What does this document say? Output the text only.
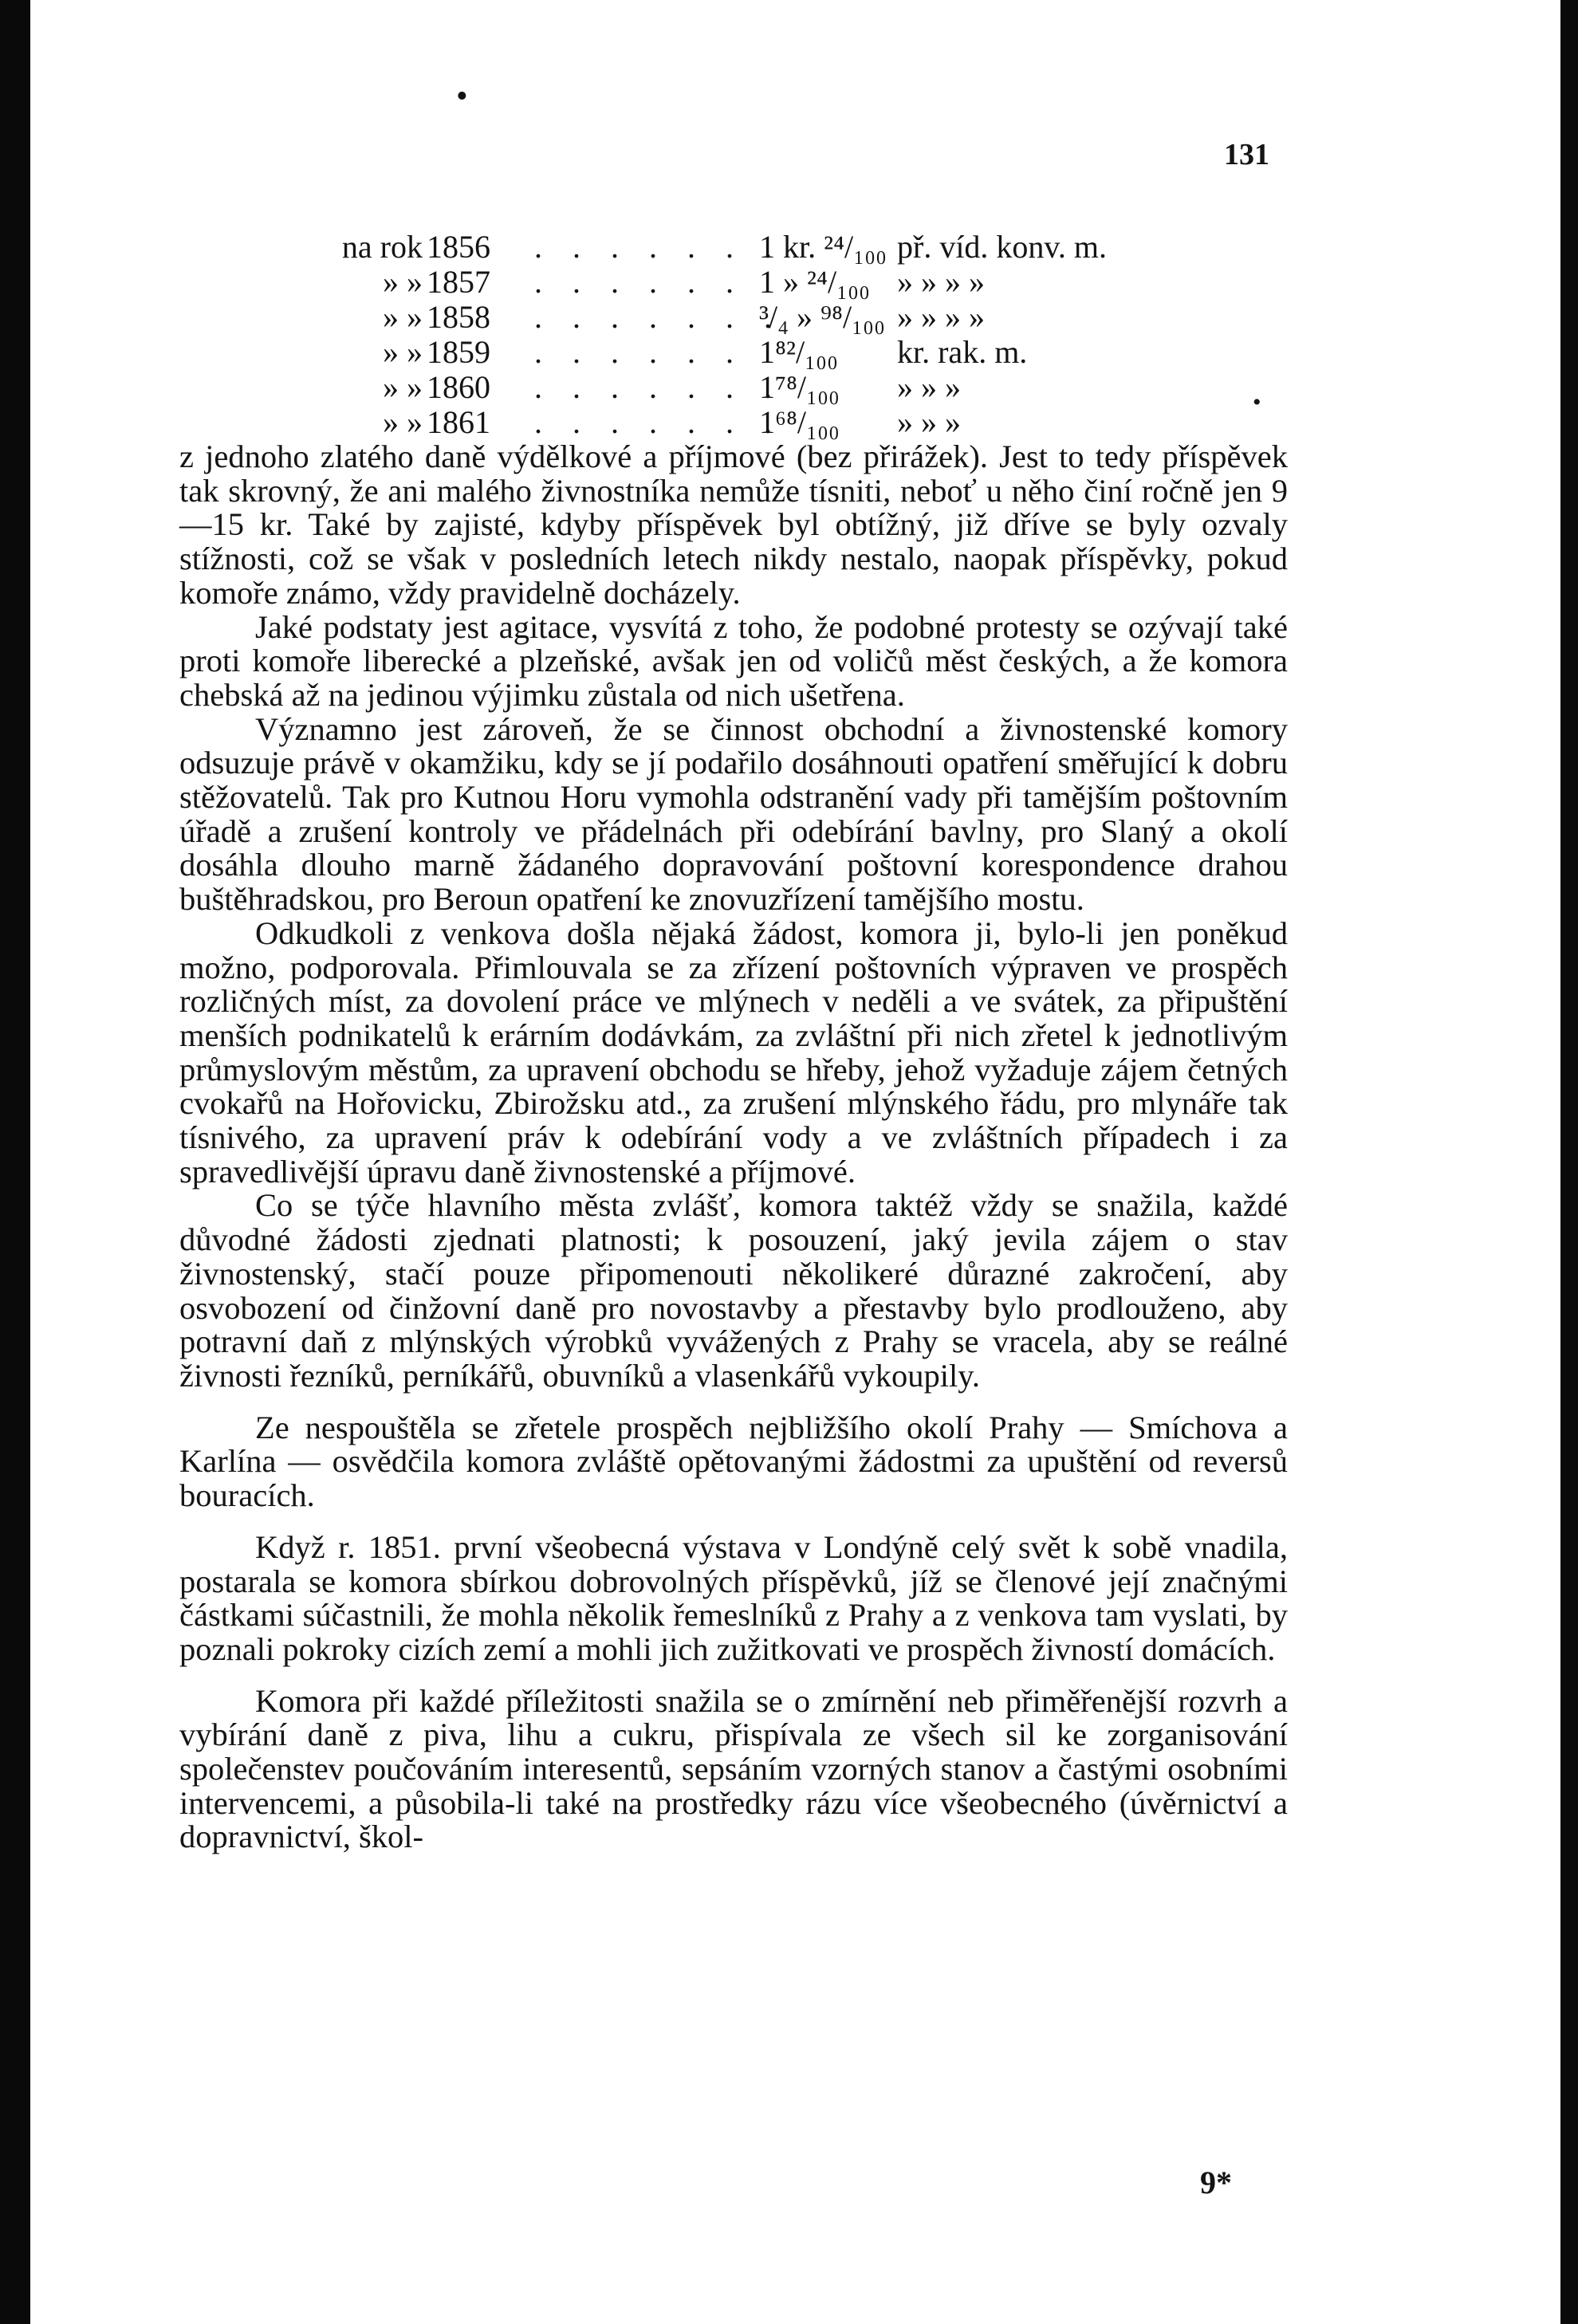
•
•
131
na rok 1856 . . . . . . .
1 kr. ²⁴/₁₀₀ př. víd. konv. m.
» » 1857 . . . . . . 1 » ²⁴/₁₀₀ » » » »
» » 1858 . . . . . . .
³/₄ » ⁹⁸/₁₀₀ » » » »
» » 1859 . . . . . . 1⁸²/₁₀₀ kr. rak. m.
» » 1860 . . . . . . .
1⁷⁸/₁₀₀ » » »
» » 1861 . . . . . . .
1⁶⁸/₁₀₀ » » »

z jednoho zlatého daně výdělkové a příjmové (bez přirážek). Jest to tedy příspěvek tak skrovný, že ani malého živnostníka nemůže tísniti, neboť u něho činí ročně jen 9—15 kr. Také by zajisté, kdyby příspěvek byl obtížný, již dříve se byly ozvaly stížnosti, což se však v posledních letech nikdy nestalo, naopak příspěvky, pokud komoře známo, vždy pravidelně docházely.

Jaké podstaty jest agitace, vysvítá z toho, že podobné protesty se ozývají také proti komoře liberecké a plzeňské, avšak jen od voličů měst českých, a že komora chebská až na jedinou výjimku zůstala od nich ušetřena.

Významno jest zároveň, že se činnost obchodní a živnostenské komory odsuzuje právě v okamžiku, kdy se jí podařilo dosáhnouti opatření směřující k dobru stěžovatelů. Tak pro Kutnou Horu vymohla odstranění vady při tamějším poštovním úřadě a zrušení kontroly ve přádelnách při odebírání bavlny, pro Slaný a okolí dosáhla dlouho marně žádaného dopravování poštovní korespondence drahou buštěhradskou, pro Beroun opatření ke znovuzřízení tamějšího mostu.

Odkudkoli z venkova došla nějaká žádost, komora ji, bylo-li jen poněkud možno, podporovala. Přimlouvala se za zřízení poštovních výpraven ve prospěch rozličných míst, za dovolení práce ve mlýnech v neděli a ve svátek, za připuštění menších podnikatelů k erárním dodávkám, za zvláštní při nich zřetel k jednotlivým průmyslovým městům, za upravení obchodu se hřeby, jehož vyžaduje zájem četných cvokařů na Hořovicku, Zbirožsku atd., za zrušení mlýnského řádu, pro mlynáře tak tísnivého, za upravení práv k odebírání vody a ve zvláštních případech i za spravedlivější úpravu daně živnostenské a příjmové.

Co se týče hlavního města zvlášť, komora taktéž vždy se snažila, každé důvodné žádosti zjednati platnosti; k posouzení, jaký jevila zájem o stav živnostenský, stačí pouze připomenouti několikeré důrazné zakročení, aby osvobození od činžovní daně pro novostavby a přestavby bylo prodlouženo, aby potravní daň z mlýnských výrobků vyvážených z Prahy se vracela, aby se reálné živnosti řezníků, perníkářů, obuvníků a vlasenkářů vykoupily.

Ze nespouštěla se zřetele prospěch nejbližšího okolí Prahy — Smíchova a Karlína — osvědčila komora zvláště opětovanými žádostmi za upuštění od reversů bouracích.

Když r. 1851. první všeobecná výstava v Londýně celý svět k sobě vnadila, postarala se komora sbírkou dobrovolných příspěvků, jíž se členové její značnými částkami súčastnili, že mohla několik řemeslníků z Prahy a z venkova tam vyslati, by poznali pokroky cizích zemí a mohli jich zužitkovati ve prospěch živností domácích.

Komora při každé příležitosti snažila se o zmírnění neb přiměřenější rozvrh a vybírání daně z piva, lihu a cukru, přispívala ze všech sil ke zorganisování společenstev poučováním interesentů, sepsáním vzorných stanov a častými osobními intervencemi, a působila-li také na prostředky rázu více všeobecného (úvěrnictví a dopravnictví, škol-

9*
